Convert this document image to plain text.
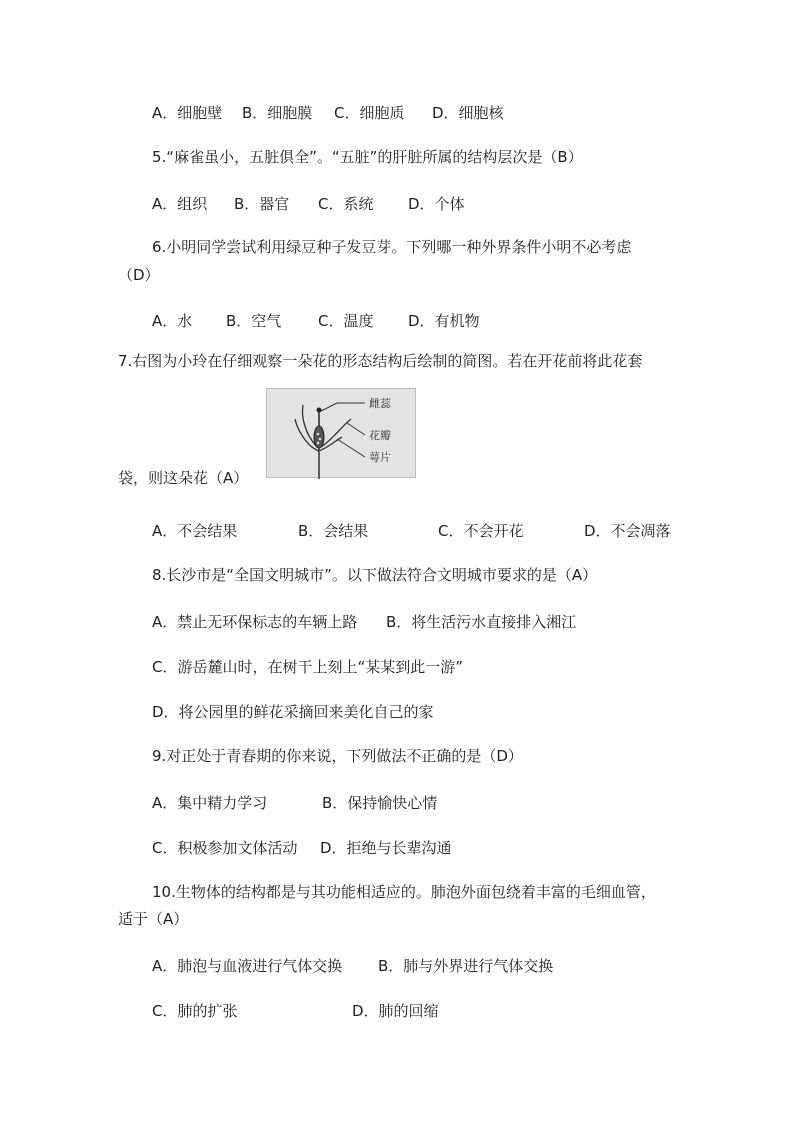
A．细胞壁 B．细胞膜 C．细胞质 D．细胞核
5.“麻雀虽小，五脏俱全”。“五脏”的肝脏所属的结构层次是（B）
A．组织 B．器官 C．系统 D．个体
6.小明同学尝试利用绿豆种子发豆芽。下列哪一种外界条件小明不必考虑
（D）
A．水 B．空气 C．温度 D．有机物
7.右图为小玲在仔细观察一朵花的形态结构后绘制的简图。若在开花前将此花套
雌蕊
花瓣
萼片
袋，则这朵花（A）
A．不会结果	B．会结果	C．不会开花	D．不会凋落
8.长沙市是“全国文明城市”。以下做法符合文明城市要求的是（A）
A．禁止无环保标志的车辆上路 B．将生活污水直接排入湘江
C．游岳麓山时，在树干上刻上“某某到此一游”
D．将公园里的鲜花采摘回来美化自己的家
9.对正处于青春期的你来说，下列做法不正确的是（D）
A．集中精力学习	B．保持愉快心情
C．积极参加文体活动 D．拒绝与长辈沟通
10.生物体的结构都是与其功能相适应的。肺泡外面包绕着丰富的毛细血管，
适于（A）
A．肺泡与血液进行气体交换 B．肺与外界进行气体交换
C．肺的扩张	D．肺的回缩
